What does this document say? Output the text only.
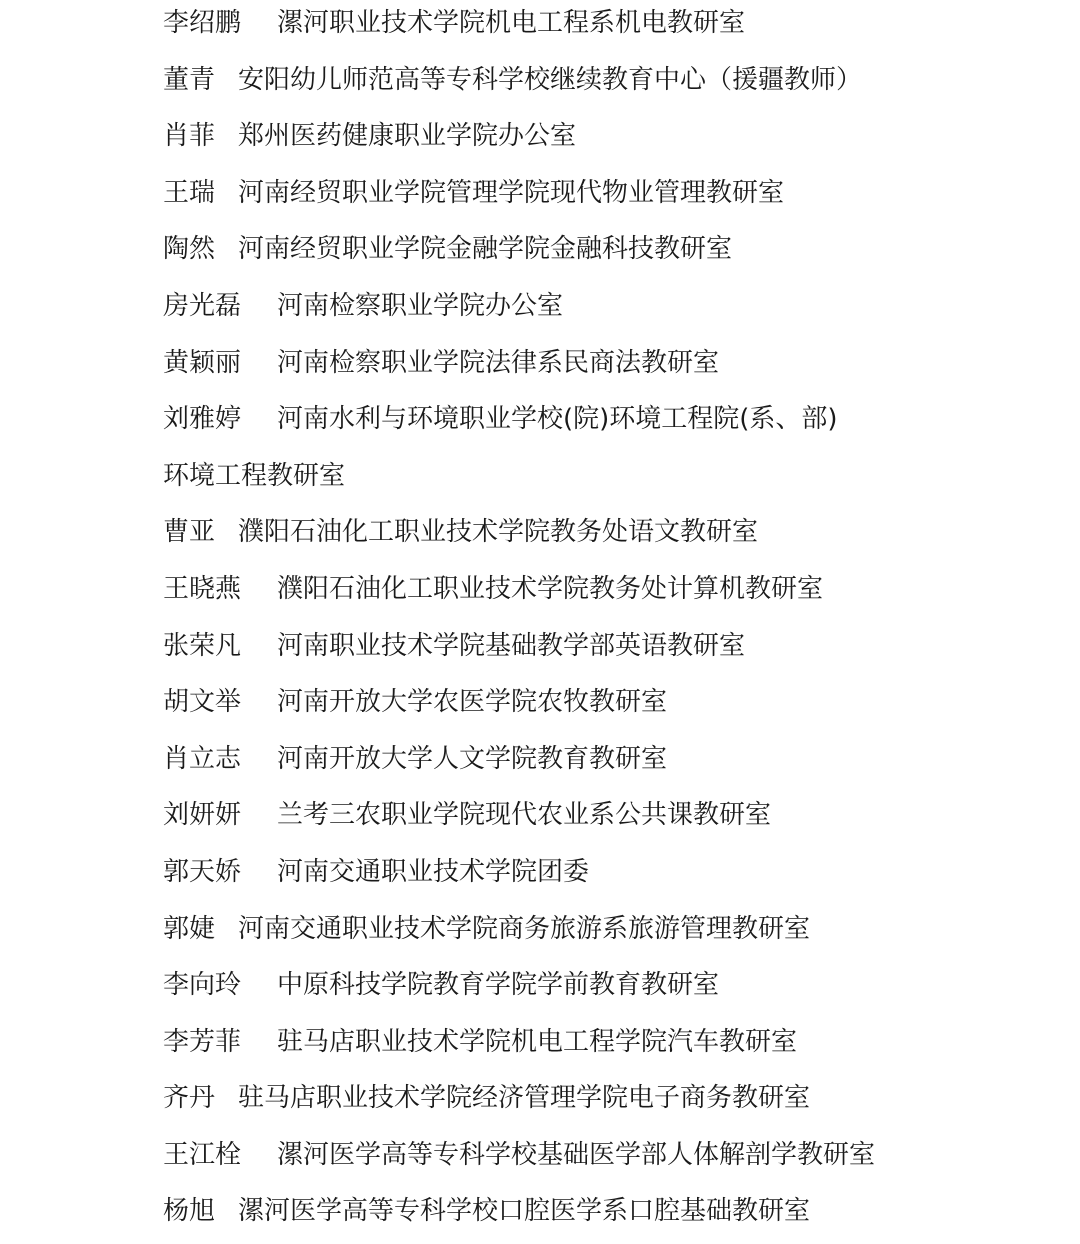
李绍鹏 漯河职业技术学院机电工程系机电教研室
董青 安阳幼儿师范高等专科学校继续教育中心（援疆教师）
肖菲 郑州医药健康职业学院办公室
王瑞 河南经贸职业学院管理学院现代物业管理教研室
陶然 河南经贸职业学院金融学院金融科技教研室
房光磊 河南检察职业学院办公室
黄颖丽 河南检察职业学院法律系民商法教研室
刘雅婷 河南水利与环境职业学校(院)环境工程院(系、部)
环境工程教研室
曹亚 濮阳石油化工职业技术学院教务处语文教研室
王晓燕 濮阳石油化工职业技术学院教务处计算机教研室
张荣凡 河南职业技术学院基础教学部英语教研室
胡文举 河南开放大学农医学院农牧教研室
肖立志 河南开放大学人文学院教育教研室
刘妍妍 兰考三农职业学院现代农业系公共课教研室
郭天娇 河南交通职业技术学院团委
郭婕 河南交通职业技术学院商务旅游系旅游管理教研室
李向玲 中原科技学院教育学院学前教育教研室
李芳菲 驻马店职业技术学院机电工程学院汽车教研室
齐丹 驻马店职业技术学院经济管理学院电子商务教研室
王江栓 漯河医学高等专科学校基础医学部人体解剖学教研室
杨旭 漯河医学高等专科学校口腔医学系口腔基础教研室
